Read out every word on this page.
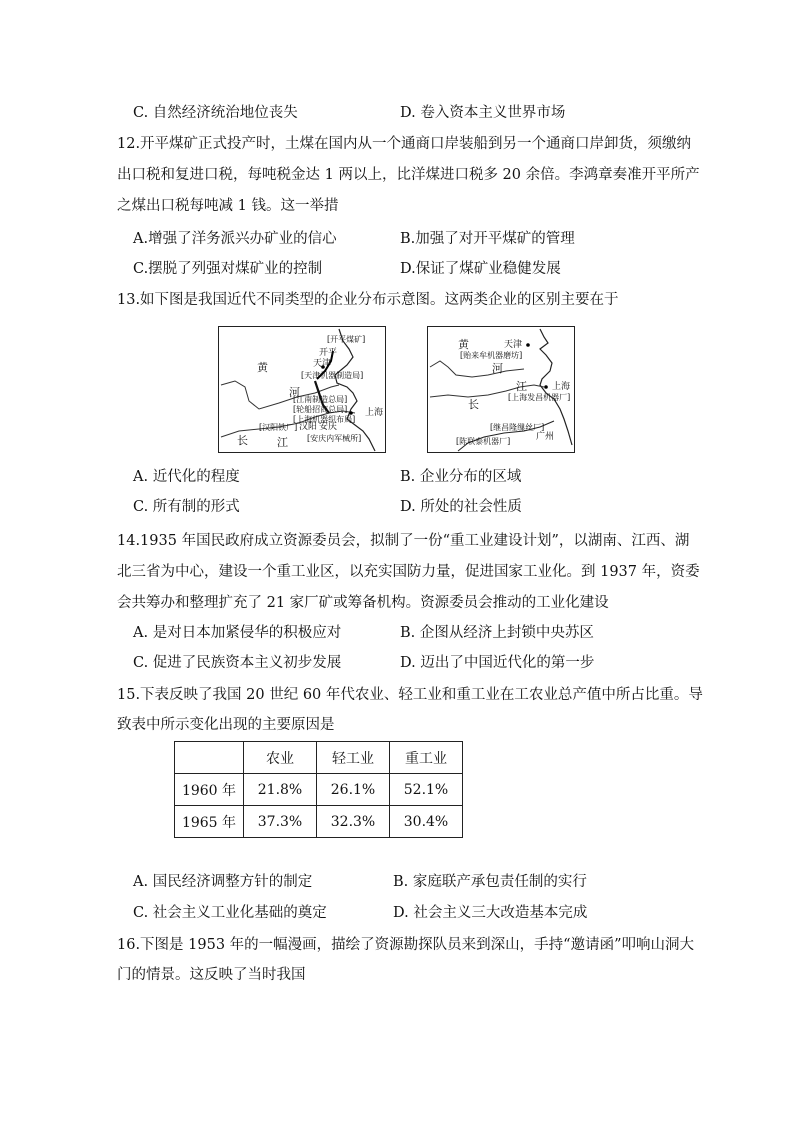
C. 自然经济统治地位丧失	D. 卷入资本主义世界市场
12.开平煤矿正式投产时，土煤在国内从一个通商口岸装船到另一个通商口岸卸货，须缴纳
出口税和复进口税，每吨税金达 1 两以上，比洋煤进口税多 20 余倍。李鸿章奏准开平所产
之煤出口税每吨减 1 钱。这一举措
A.增强了洋务派兴办矿业的信心	B.加强了对开平煤矿的管理
C.摆脱了列强对煤矿业的控制	D.保证了煤矿业稳健发展
13.如下图是我国近代不同类型的企业分布示意图。这两类企业的区别主要在于
[开平煤矿]
开平
天津
[天津机器制造局]
黄
河
[江南制造总局]
[轮船招商总局]
[上海机器织布局]
上海
[汉阳铁厂] 汉阳 安庆
[安庆内军械所]
长	江
天津
[贻来牟机器磨坊]
黄
河
江	上海
[上海发昌机器厂]
长
[继昌隆缫丝厂]
广州
[陈联泰机器厂]
A. 近代化的程度	B. 企业分布的区域
C. 所有制的形式	D. 所处的社会性质
14.1935 年国民政府成立资源委员会，拟制了一份“重工业建设计划”，以湖南、江西、湖
北三省为中心，建设一个重工业区，以充实国防力量，促进国家工业化。到 1937 年，资委
会共筹办和整理扩充了 21 家厂矿或筹备机构。资源委员会推动的工业化建设
A. 是对日本加紧侵华的积极应对	B. 企图从经济上封锁中央苏区
C. 促进了民族资本主义初步发展	D. 迈出了中国近代化的第一步
15.下表反映了我国 20 世纪 60 年代农业、轻工业和重工业在工农业总产值中所占比重。导
致表中所示变化出现的主要原因是
	农业	轻工业	重工业
1960 年	21.8%	26.1%	52.1%
1965 年	37.3%	32.3%	30.4%
A. 国民经济调整方针的制定	B. 家庭联产承包责任制的实行
C. 社会主义工业化基础的奠定	D. 社会主义三大改造基本完成
16.下图是 1953 年的一幅漫画，描绘了资源勘探队员来到深山，手持“邀请函”叩响山洞大
门的情景。这反映了当时我国
